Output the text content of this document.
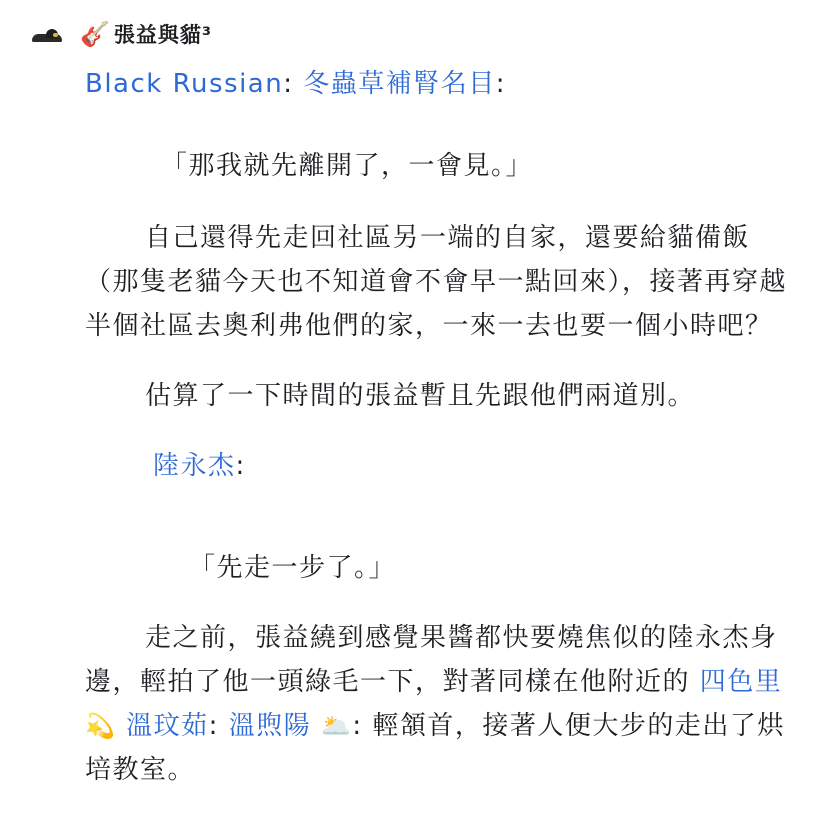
🎸 張益與貓³

Black Russian: 冬蟲草補腎名目:

「那我就先離開了，一會見。」

自己還得先走回社區另一端的自家，還要給貓備飯（那隻老貓今天也不知道會不會早一點回來），接著再穿越半個社區去奧利弗他們的家，一來一去也要一個小時吧？

估算了一下時間的張益暫且先跟他們兩道別。

陸永杰:

「先走一步了。」

走之前，張益繞到感覺果醬都快要燒焦似的陸永杰身邊，輕拍了他一頭綠毛一下，對著同樣在他附近的 四色里 💫 溫玟茹: 溫煦陽 🌥️: 輕頷首，接著人便大步的走出了烘培教室。
